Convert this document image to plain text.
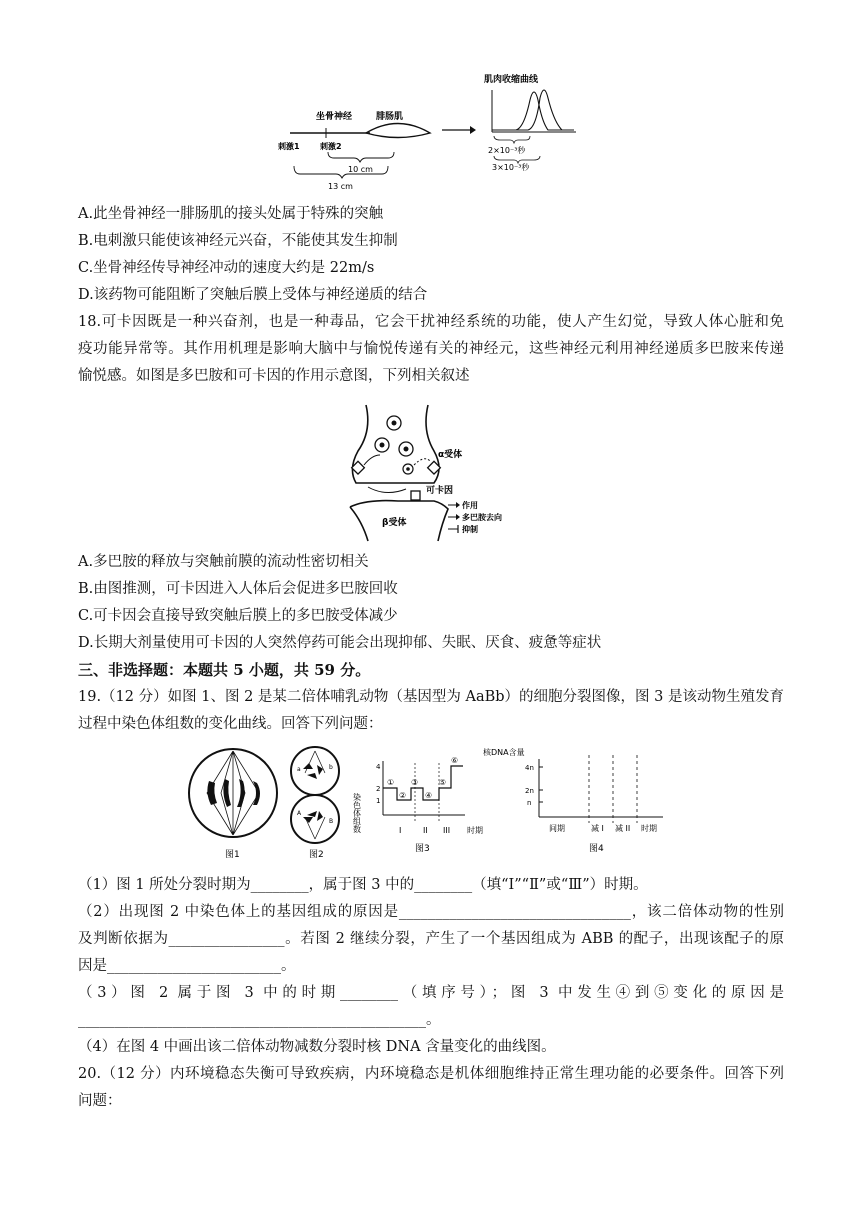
肌肉收缩曲线
坐骨神经	腓肠肌
刺激1	刺激2
10 cm
13 cm
2×10⁻³秒
3×10⁻³秒
A.此坐骨神经一腓肠肌的接头处属于特殊的突触
B.电刺激只能使该神经元兴奋，不能使其发生抑制
C.坐骨神经传导神经冲动的速度大约是 22m/s
D.该药物可能阻断了突触后膜上受体与神经递质的结合
18.可卡因既是一种兴奋剂，也是一种毒品，它会干扰神经系统的功能，使人产生幻觉，导致人体心脏和免
疫功能异常等。其作用机理是影响大脑中与愉悦传递有关的神经元，这些神经元利用神经递质多巴胺来传递
愉悦感。如图是多巴胺和可卡因的作用示意图，下列相关叙述
α受体
可卡因
β受体
作用
多巴胺去向
抑制
A.多巴胺的释放与突触前膜的流动性密切相关
B.由图推测，可卡因进入人体后会促进多巴胺回收
C.可卡因会直接导致突触后膜上的多巴胺受体减少
D.长期大剂量使用可卡因的人突然停药可能会出现抑郁、失眠、厌食、疲惫等症状
三、非选择题：本题共 5 小题，共 59 分。
19.（12 分）如图 1、图 2 是某二倍体哺乳动物（基因型为 AaBb）的细胞分裂图像，图 3 是该动物生殖发育
过程中染色体组数的变化曲线。回答下列问题：
图1
a
A
b
B
图2
4
2
1
①
②
③
④
⑤
⑥
I	II III 时期
染色体组数
图3
核DNA含量
4n
2n
n
间期	减 I 减 II 时期
图4
（1）图 1 所处分裂时期为________，属于图 3 中的________（填“I”“Ⅱ”或“Ⅲ”）时期。
（2）出现图 2 中染色体上的基因组成的原因是________________________________，该二倍体动物的性别
及判断依据为________________。若图 2 继续分裂，产生了一个基因组成为 ABB 的配子，出现该配子的原
因是________________________。
（3）图 2 属于图 3 中的时期________（填序号）；图 3 中发生④到⑤变化的原因是
________________________________________________。
（4）在图 4 中画出该二倍体动物减数分裂时核 DNA 含量变化的曲线图。
20.（12 分）内环境稳态失衡可导致疾病，内环境稳态是机体细胞维持正常生理功能的必要条件。回答下列
问题：
